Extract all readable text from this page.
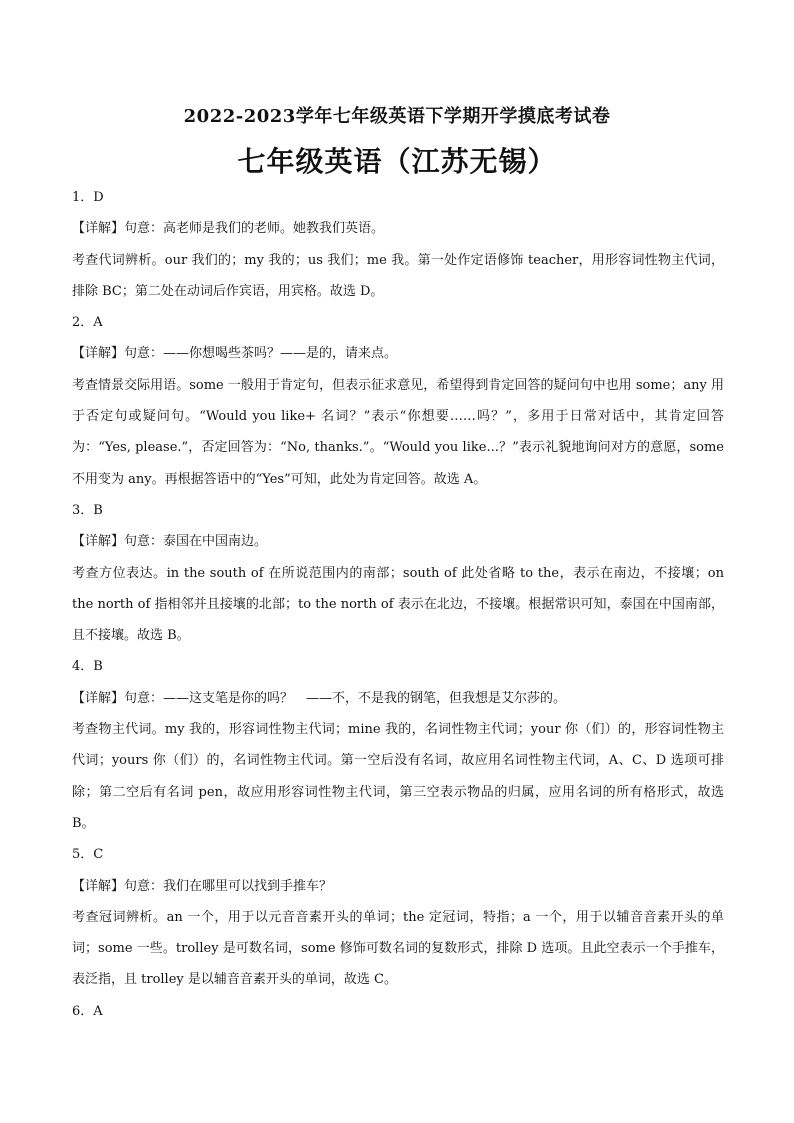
2022-2023学年七年级英语下学期开学摸底考试卷
七年级英语（江苏无锡）

1．D

【详解】句意：高老师是我们的老师。她教我们英语。

考查代词辨析。our 我们的；my 我的；us 我们；me 我。第一处作定语修饰 teacher，用形容词性物主代词，排除 BC；第二处在动词后作宾语，用宾格。故选 D。

2．A

【详解】句意：——你想喝些茶吗？——是的，请来点。

考查情景交际用语。some 一般用于肯定句，但表示征求意见，希望得到肯定回答的疑问句中也用 some；any 用于否定句或疑问句。“Would you like+ 名词？”表示“你想要……吗？”，多用于日常对话中，其肯定回答为：“Yes, please.”，否定回答为：“No, thanks.”。“Would you like...？”表示礼貌地询问对方的意愿，some 不用变为 any。再根据答语中的“Yes”可知，此处为肯定回答。故选 A。

3．B

【详解】句意：泰国在中国南边。

考查方位表达。in the south of 在所说范围内的南部；south of 此处省略 to the，表示在南边，不接壤；on the north of 指相邻并且接壤的北部；to the north of 表示在北边，不接壤。根据常识可知，泰国在中国南部，且不接壤。故选 B。

4．B

【详解】句意：——这支笔是你的吗？　——不，不是我的钢笔，但我想是艾尔莎的。

考查物主代词。my 我的，形容词性物主代词；mine 我的，名词性物主代词；your 你（们）的，形容词性物主代词；yours 你（们）的，名词性物主代词。第一空后没有名词，故应用名词性物主代词，A、C、D 选项可排除；第二空后有名词 pen，故应用形容词性物主代词，第三空表示物品的归属，应用名词的所有格形式，故选 B。

5．C

【详解】句意：我们在哪里可以找到手推车？

考查冠词辨析。an 一个，用于以元音音素开头的单词；the 定冠词，特指；a 一个，用于以辅音音素开头的单词；some 一些。trolley 是可数名词，some 修饰可数名词的复数形式，排除 D 选项。且此空表示一个手推车，表泛指，且 trolley 是以辅音音素开头的单词，故选 C。

6．A
